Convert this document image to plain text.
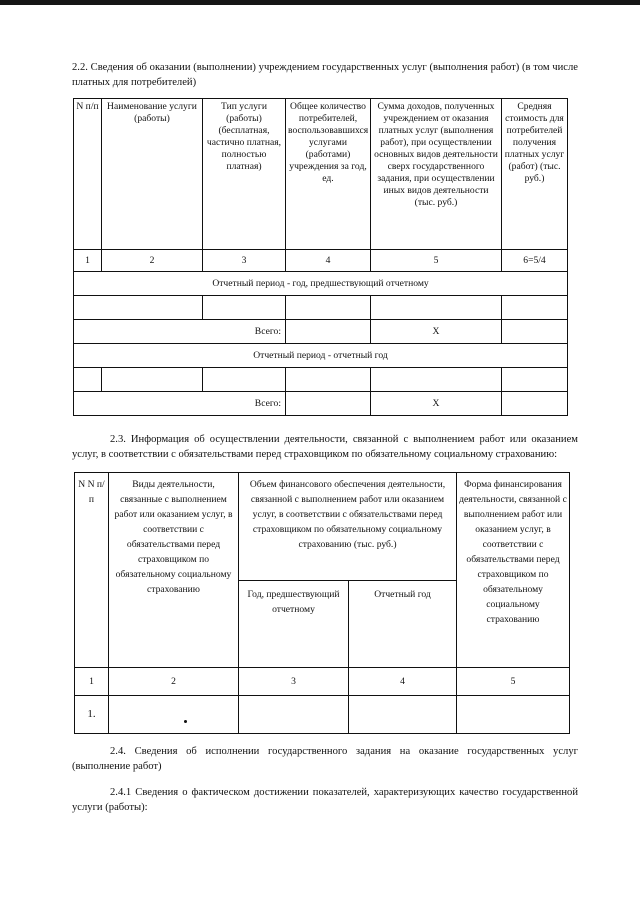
2.2. Сведения об оказании (выполнении) учреждением государственных услуг (выполнения работ) (в том числе платных для потребителей)

N п/п	Наименование услуги (работы)	Тип услуги (работы) (бесплатная, частично платная, полностью платная)	Общее количество потребителей, воспользовавшихся услугами (работами) учреждения за год, ед.	Сумма доходов, полученных учреждением от оказания платных услуг (выполнения работ), при осуществлении основных видов деятельности сверх государственного задания, при осуществлении иных видов деятельности (тыс. руб.)	Средняя стоимость для потребителей получения платных услуг (работ) (тыс. руб.)
1	2	3	4	5	6=5/4
Отчетный период - год, предшествующий отчетному					

Всего:				X	
Отчетный период - отчетный год					

Всего:				X	

2.3. Информация об осуществлении деятельности, связанной с выполнением работ или оказанием услуг, в соответствии с обязательствами перед страховщиком по обязательному социальному страхованию:

N N п/п	Виды деятельности, связанные с выполнением работ или оказанием услуг, в соответствии с обязательствами перед страховщиком по обязательному социальному страхованию	Объем финансового обеспечения деятельности, связанной с выполнением работ или оказанием услуг, в соответствии с обязательствами перед страховщиком по обязательному социальному страхованию (тыс. руб.)		Форма финансирования деятельности, связанной с выполнением работ или оказанием услуг, в соответствии с обязательствами перед страховщиком по обязательному социальному страхованию
		Год, предшествующий отчетному	Отчетный год	
1	2	3	4	5
1.	

2.4. Сведения об исполнении государственного задания на оказание государственных услуг (выполнение работ)

2.4.1 Сведения о фактическом достижении показателей, характеризующих качество государственной услуги (работы):
